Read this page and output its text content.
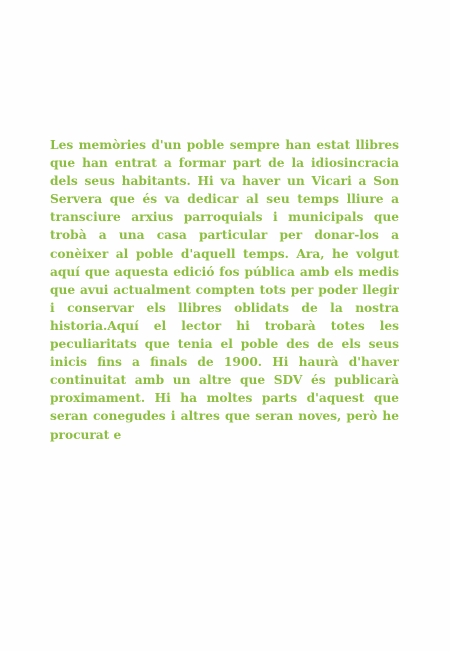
Les memòries d'un poble sempre han estat llibres
que han entrat a formar part de la idiosincracia
dels seus habitants. Hi va haver un Vicari a Son
Servera que és va dedicar al seu temps lliure a
transciure arxius parroquials i municipals que
trobà a una casa particular per donar-los a
conèixer al poble d'aquell temps. Ara, he volgut
aquí que aquesta edició fos pública amb els medis
que avui actualment compten tots per poder llegir
i conservar els llibres oblidats de la nostra
historia.Aquí el lector hi trobarà totes les
peculiaritats que tenia el poble des de els seus
inicis fins a finals de 1900. Hi haurà d'haver
continuitat amb un altre que SDV és publicarà
proximament. Hi ha moltes parts d'aquest que
seran conegudes i altres que seran noves, però he
procurat e
